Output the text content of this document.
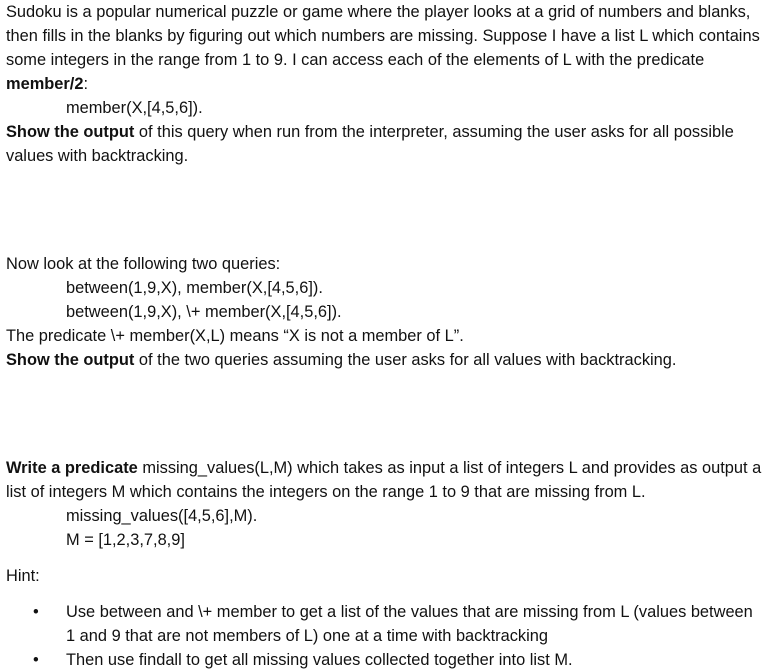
Sudoku is a popular numerical puzzle or game where the player looks at a grid of numbers and blanks,
then fills in the blanks by figuring out which numbers are missing. Suppose I have a list L which contains
some integers in the range from 1 to 9. I can access each of the elements of L with the predicate
member/2:

member(X,[4,5,6]).

Show the output of this query when run from the interpreter, assuming the user asks for all possible
values with backtracking.

Now look at the following two queries:

between(1,9,X), member(X,[4,5,6]).

between(1,9,X), \+ member(X,[4,5,6]).

The predicate \+ member(X,L) means “X is not a member of L”.

Show the output of the two queries assuming the user asks for all values with backtracking.

Write a predicate missing_values(L,M) which takes as input a list of integers L and provides as output a
list of integers M which contains the integers on the range 1 to 9 that are missing from L.

missing_values([4,5,6],M).

M = [1,2,3,7,8,9]

Hint:

• Use between and \+ member to get a list of the values that are missing from L (values between
1 and 9 that are not members of L) one at a time with backtracking
• Then use findall to get all missing values collected together into list M.
